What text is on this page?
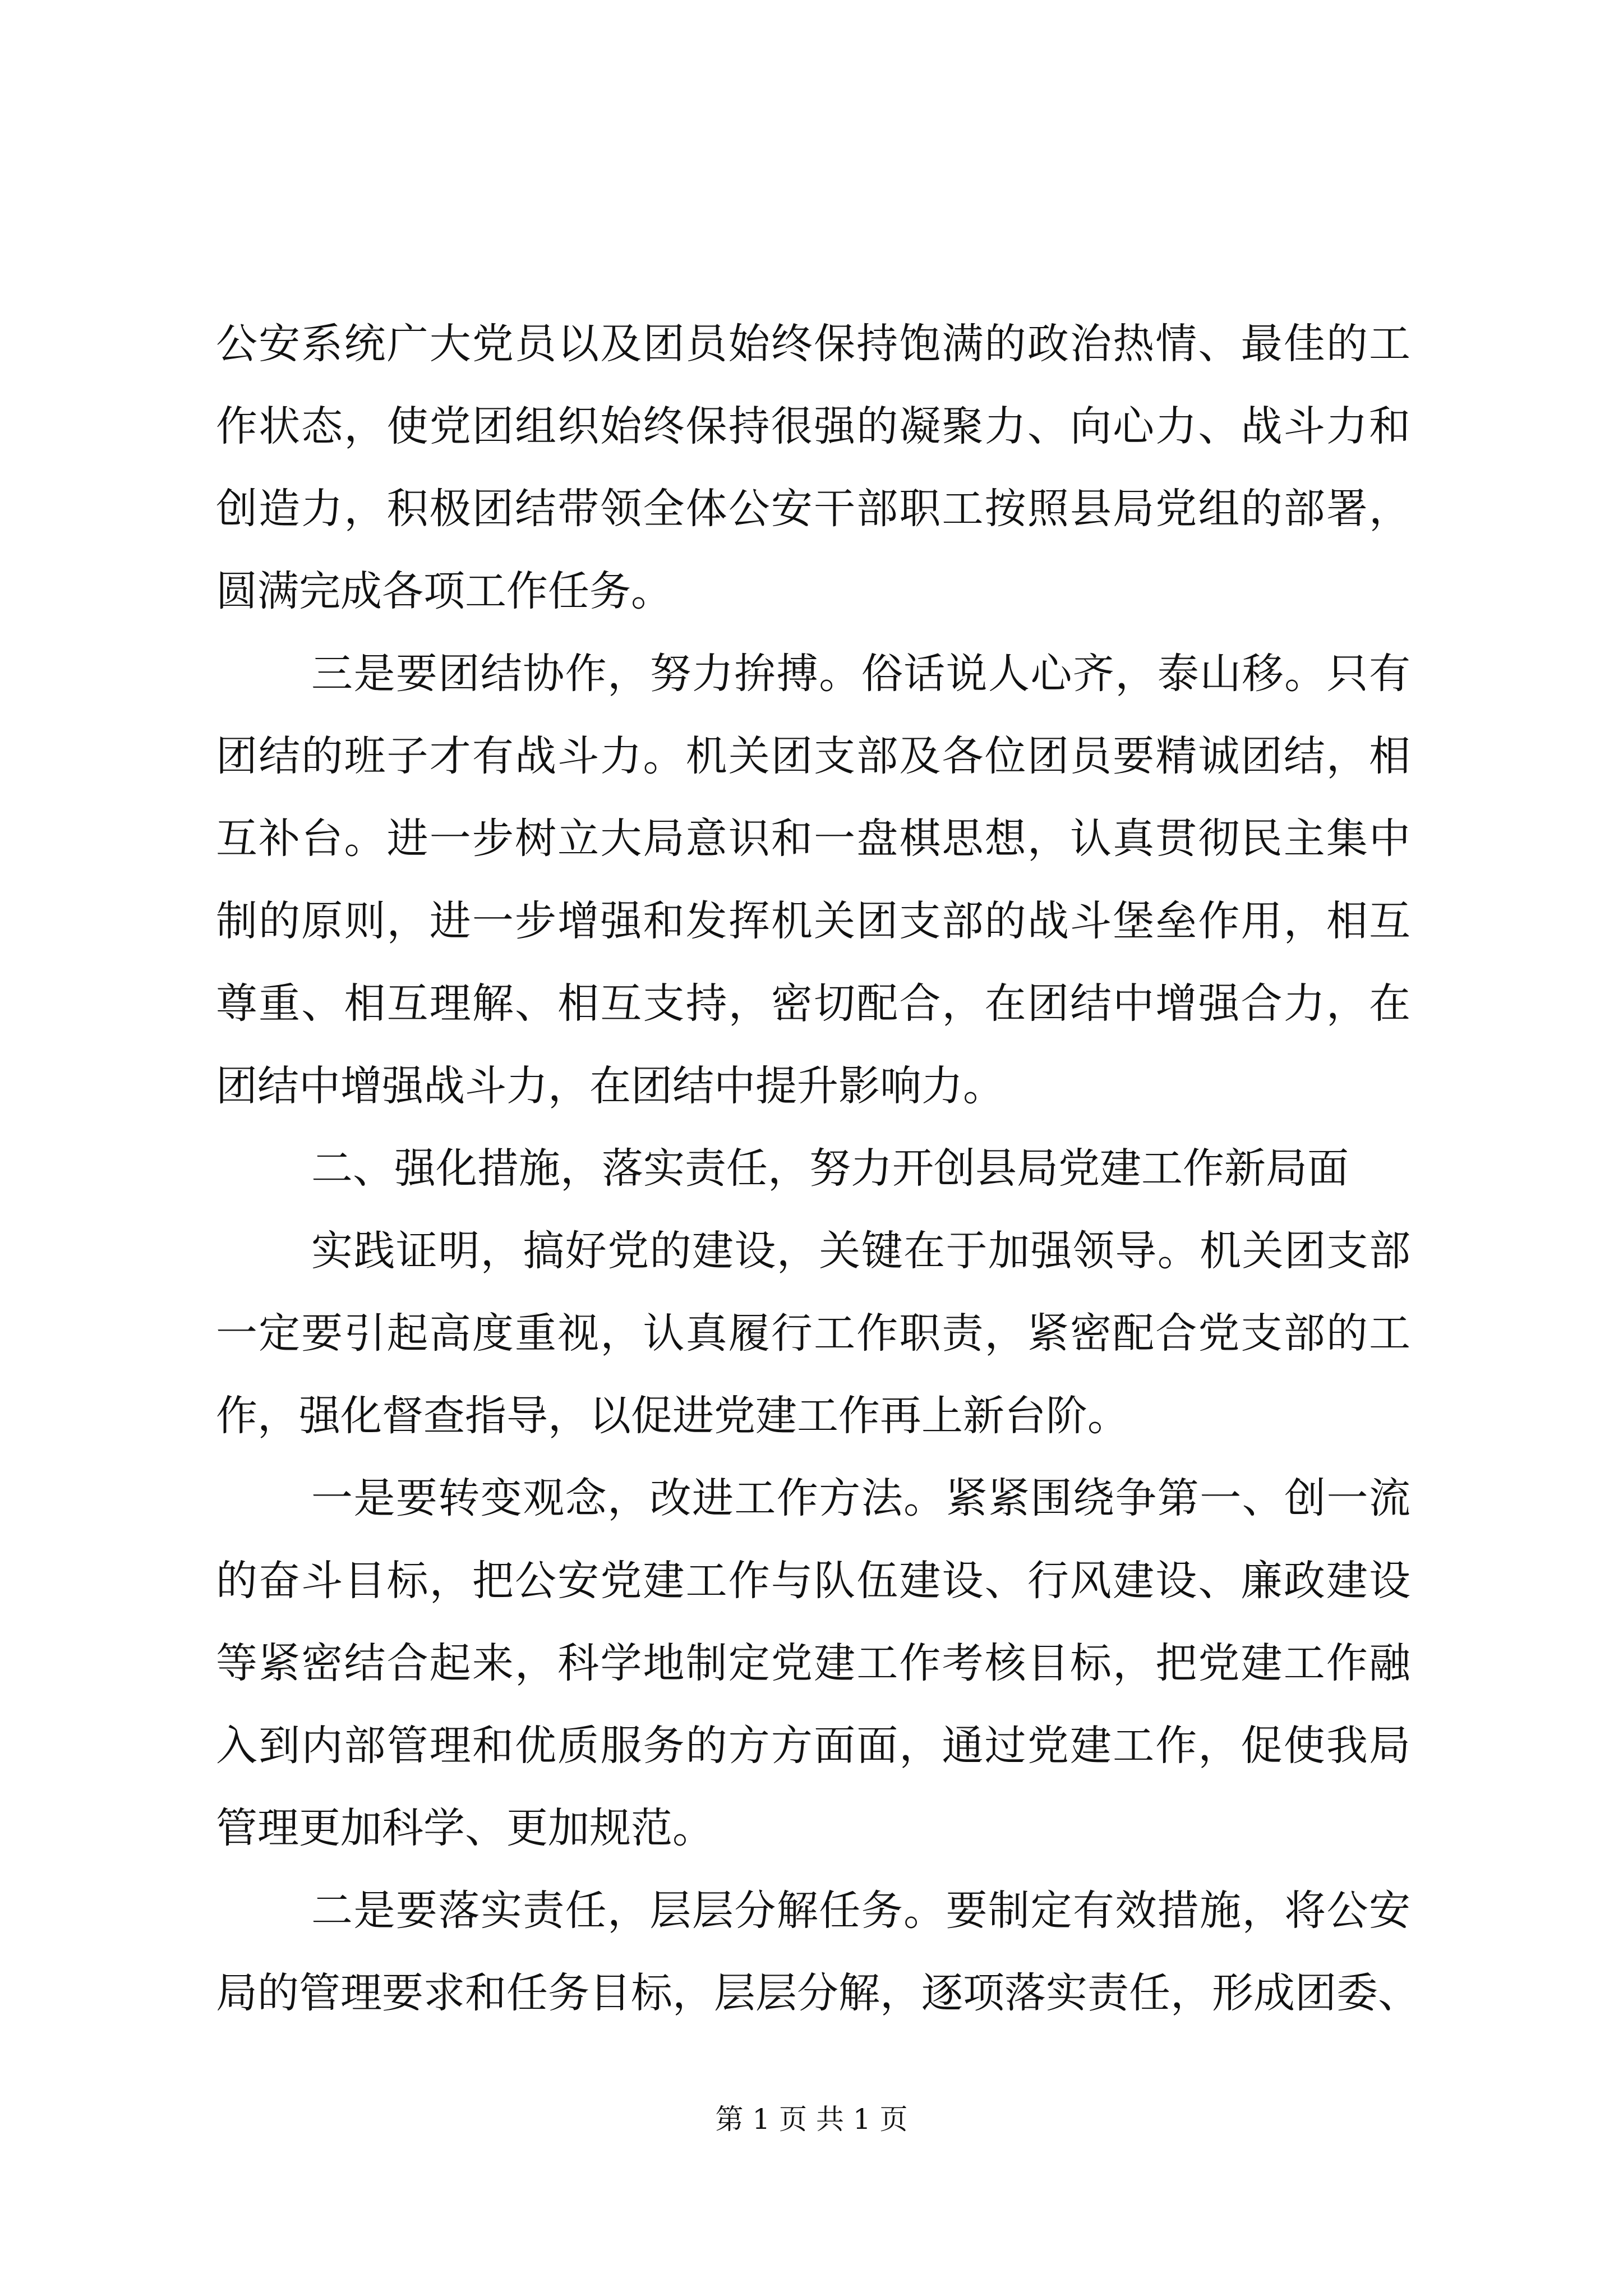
公安系统广大党员以及团员始终保持饱满的政治热情、最佳的工
作状态，使党团组织始终保持很强的凝聚力、向心力、战斗力和
创造力，积极团结带领全体公安干部职工按照县局党组的部署，
圆满完成各项工作任务。
三是要团结协作，努力拚搏。俗话说人心齐，泰山移。只有
团结的班子才有战斗力。机关团支部及各位团员要精诚团结，相
互补台。进一步树立大局意识和一盘棋思想，认真贯彻民主集中
制的原则，进一步增强和发挥机关团支部的战斗堡垒作用，相互
尊重、相互理解、相互支持，密切配合，在团结中增强合力，在
团结中增强战斗力，在团结中提升影响力。
二、强化措施，落实责任，努力开创县局党建工作新局面
实践证明，搞好党的建设，关键在于加强领导。机关团支部
一定要引起高度重视，认真履行工作职责，紧密配合党支部的工
作，强化督查指导，以促进党建工作再上新台阶。
一是要转变观念，改进工作方法。紧紧围绕争第一、创一流
的奋斗目标，把公安党建工作与队伍建设、行风建设、廉政建设
等紧密结合起来，科学地制定党建工作考核目标，把党建工作融
入到内部管理和优质服务的方方面面，通过党建工作，促使我局
管理更加科学、更加规范。
二是要落实责任，层层分解任务。要制定有效措施，将公安
局的管理要求和任务目标，层层分解，逐项落实责任，形成团委、
第 1 页 共 1 页
